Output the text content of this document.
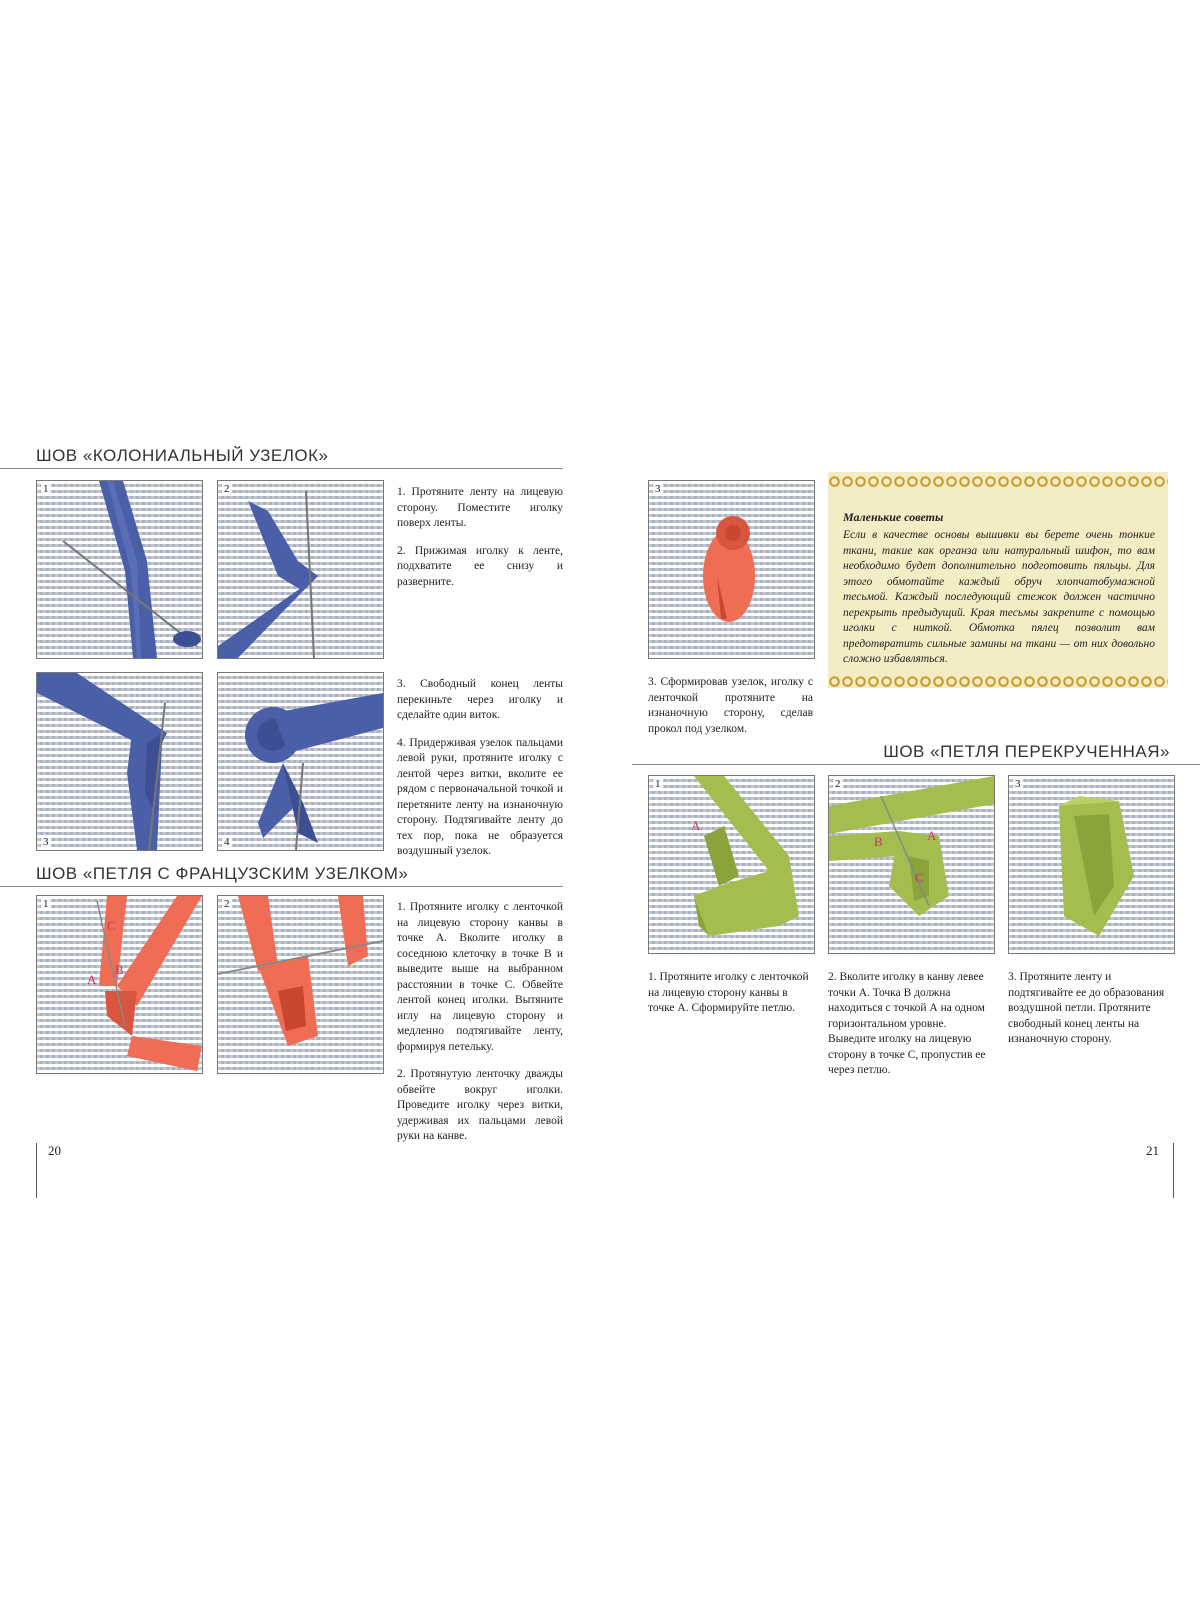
ШОВ «КОЛОНИАЛЬНЫЙ УЗЕЛОК»
1	2
3	4

1. Протяните ленту на лицевую сторону. Поместите иголку поверх ленты.

2. Прижимая иголку к ленте, подхватите ее снизу и разверните.

3. Свободный конец ленты перекиньте через иголку и сделайте один виток.

4. Придерживая узелок пальцами левой руки, протяните иголку с лентой через витки, вколите ее рядом с первоначальной точкой и перетяните ленту на изнаночную сторону. Подтягивайте ленту до тех пор, пока не образуется воздушный узелок.

ШОВ «ПЕТЛЯ С ФРАНЦУЗСКИМ УЗЕЛКОМ»
1
C
A
B
2	1. Протяните иголку с ленточкой на лицевую сторону канвы в точке А. Вколите иголку в соседнюю клеточку в точке В и выведите выше на выбранном расстоянии в точке С. Обвейте лентой конец иголки. Вытяните иглу на лицевую сторону и медленно подтягивайте ленту, формируя петельку.

2. Протянутую ленточку дважды обвейте вокруг иголки. Проведите иголку через витки, удерживая их пальцами левой руки на канве.

20
3
3. Сформировав узелок, иголку с ленточкой протяните на изнаночную сторону, сделав прокол под узелком.
Маленькие советы
Если в качестве основы вышивки вы берете очень тонкие ткани, такие как органза или натуральный шифон, то вам необходимо будет дополнительно подготовить пяльцы. Для этого обмотайте каждый обруч хлопчатобумажной тесьмой. Каждый последующий стежок должен частично перекрыть предыдущий. Края тесьмы закрепите с помощью иголки с ниткой. Обмотка пялец позволит вам предотвратить сильные замины на ткани — от них довольно сложно избавляться.
ШОВ «ПЕТЛЯ ПЕРЕКРУЧЕННАЯ»
1
A
2
B	A
C
3
1. Протяните иголку с ленточкой на лицевую сторону канвы в точке А. Сформируйте петлю.
2. Вколите иголку в канву левее точки А. Точка В должна находиться с точкой А на одном горизонтальном уровне. Выведите иголку на лицевую сторону в точке С, пропустив ее через петлю.
3. Протяните ленту и подтягивайте ее до образования воздушной петли. Протяните свободный конец ленты на изнаночную сторону.
21
